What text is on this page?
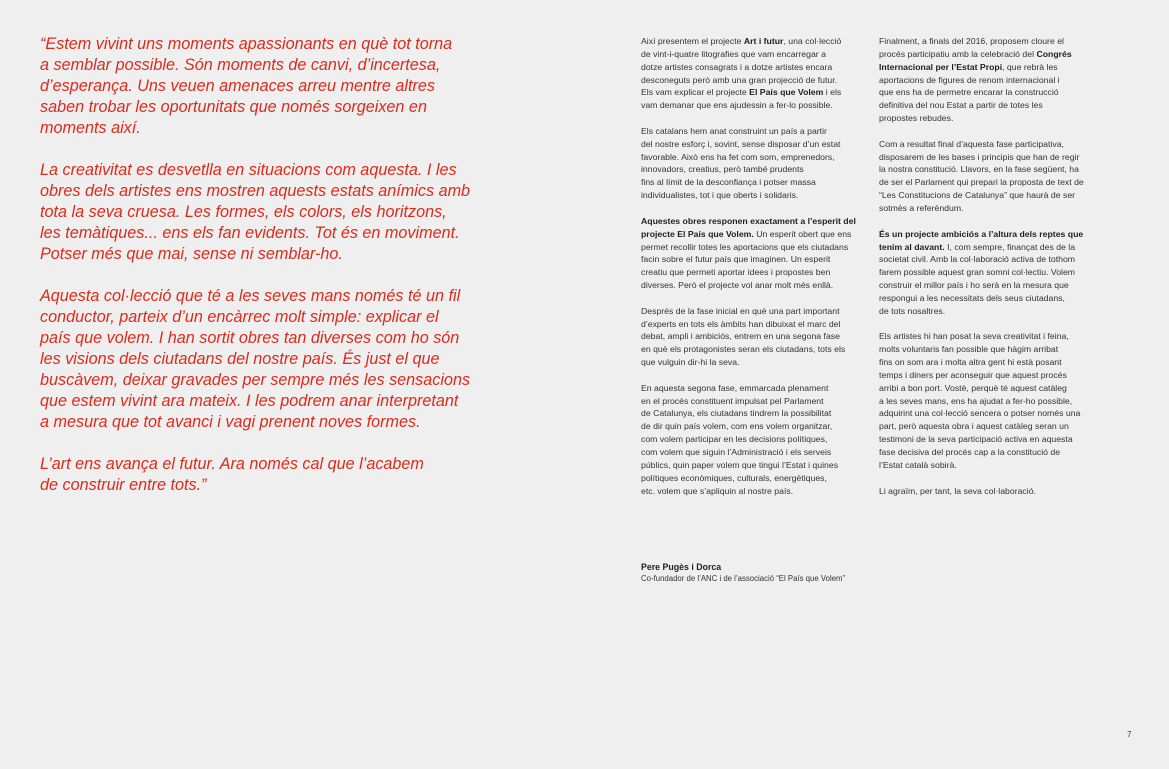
“Estem vivint uns moments apassionants en què tot torna
a semblar possible. Són moments de canvi, d’incertesa,
d’esperança. Uns veuen amenaces arreu mentre altres
saben trobar les oportunitats que només sorgeixen en
moments així.

La creativitat es desvetlla en situacions com aquesta. I les
obres dels artistes ens mostren aquests estats anímics amb
tota la seva cruesa. Les formes, els colors, els horitzons,
les temàtiques... ens els fan evidents. Tot és en moviment.
Potser més que mai, sense ni semblar-ho.

Aquesta col·lecció que té a les seves mans només té un fil
conductor, parteix d’un encàrrec molt simple: explicar el
país que volem. I han sortit obres tan diverses com ho són
les visions dels ciutadans del nostre país. És just el que
buscàvem, deixar gravades per sempre més les sensacions
que estem vivint ara mateix. I les podrem anar interpretant
a mesura que tot avanci i vagi prenent noves formes.

L’art ens avança el futur. Ara només cal que l’acabem
de construir entre tots.”

Així presentem el projecte Art i futur, una col·lecció
de vint-i-quatre litografies que vam encarregar a
dotze artistes consagrats i a dotze artistes encara
desconeguts però amb una gran projecció de futur.
Els vam explicar el projecte El País que Volem i els
vam demanar que ens ajudessin a fer-lo possible.

Els catalans hem anat construint un país a partir
del nostre esforç i, sovint, sense disposar d’un estat
favorable. Això ens ha fet com som, emprenedors,
innovadors, creatius, però també prudents
fins al límit de la desconfiança i potser massa
individualistes, tot i que oberts i solidaris.

Aquestes obres responen exactament a l’esperit del
projecte El País que Volem. Un esperit obert que ens
permet recollir totes les aportacions que els ciutadans
facin sobre el futur país que imaginen. Un esperit
creatiu que permeti aportar idees i propostes ben
diverses. Però el projecte vol anar molt més enllà.

Després de la fase inicial en què una part important
d’experts en tots els àmbits han dibuixat el marc del
debat, ampli i ambiciós, entrem en una segona fase
en què els protagonistes seran els ciutadans, tots els
que vulguin dir-hi la seva.

En aquesta segona fase, emmarcada plenament
en el procés constituent impulsat pel Parlament
de Catalunya, els ciutadans tindrem la possibilitat
de dir quin país volem, com ens volem organitzar,
com volem participar en les decisions polítiques,
com volem que siguin l’Administració i els serveis
públics, quin paper volem que tingui l’Estat i quines
polítiques econòmiques, culturals, energètiques,
etc. volem que s’apliquin al nostre país.

Finalment, a finals del 2016, proposem cloure el
procés participatiu amb la celebració del Congrés
Internacional per l’Estat Propi, que rebrà les
aportacions de figures de renom internacional i
que ens ha de permetre encarar la construcció
definitiva del nou Estat a partir de totes les
propostes rebudes.

Com a resultat final d’aquesta fase participativa,
disposarem de les bases i principis que han de regir
la nostra constitució. Llavors, en la fase següent, ha
de ser el Parlament qui prepari la proposta de text de
“Les Constitucions de Catalunya” que haurà de ser
sotmès a referèndum.

És un projecte ambiciós a l’altura dels reptes que
tenim al davant. I, com sempre, finançat des de la
societat civil. Amb la col·laboració activa de tothom
farem possible aquest gran somni col·lectiu. Volem
construir el millor país i ho serà en la mesura que
respongui a les necessitats dels seus ciutadans,
de tots nosaltres.

Els artistes hi han posat la seva creativitat i feina,
molts voluntaris fan possible que hàgim arribat
fins on som ara i molta altra gent hi està posant
temps i diners per aconseguir que aquest procés
arribi a bon port. Vostè, perquè té aquest catàleg
a les seves mans, ens ha ajudat a fer-ho possible,
adquirint una col·lecció sencera o potser només una
part, però aquesta obra i aquest catàleg seran un
testimoni de la seva participació activa en aquesta
fase decisiva del procés cap a la constitució de
l’Estat català sobirà.

Li agraïm, per tant, la seva col·laboració.

Pere Pugès i Dorca
Co-fundador de l’ANC i de l’associació “El País que Volem”
7
